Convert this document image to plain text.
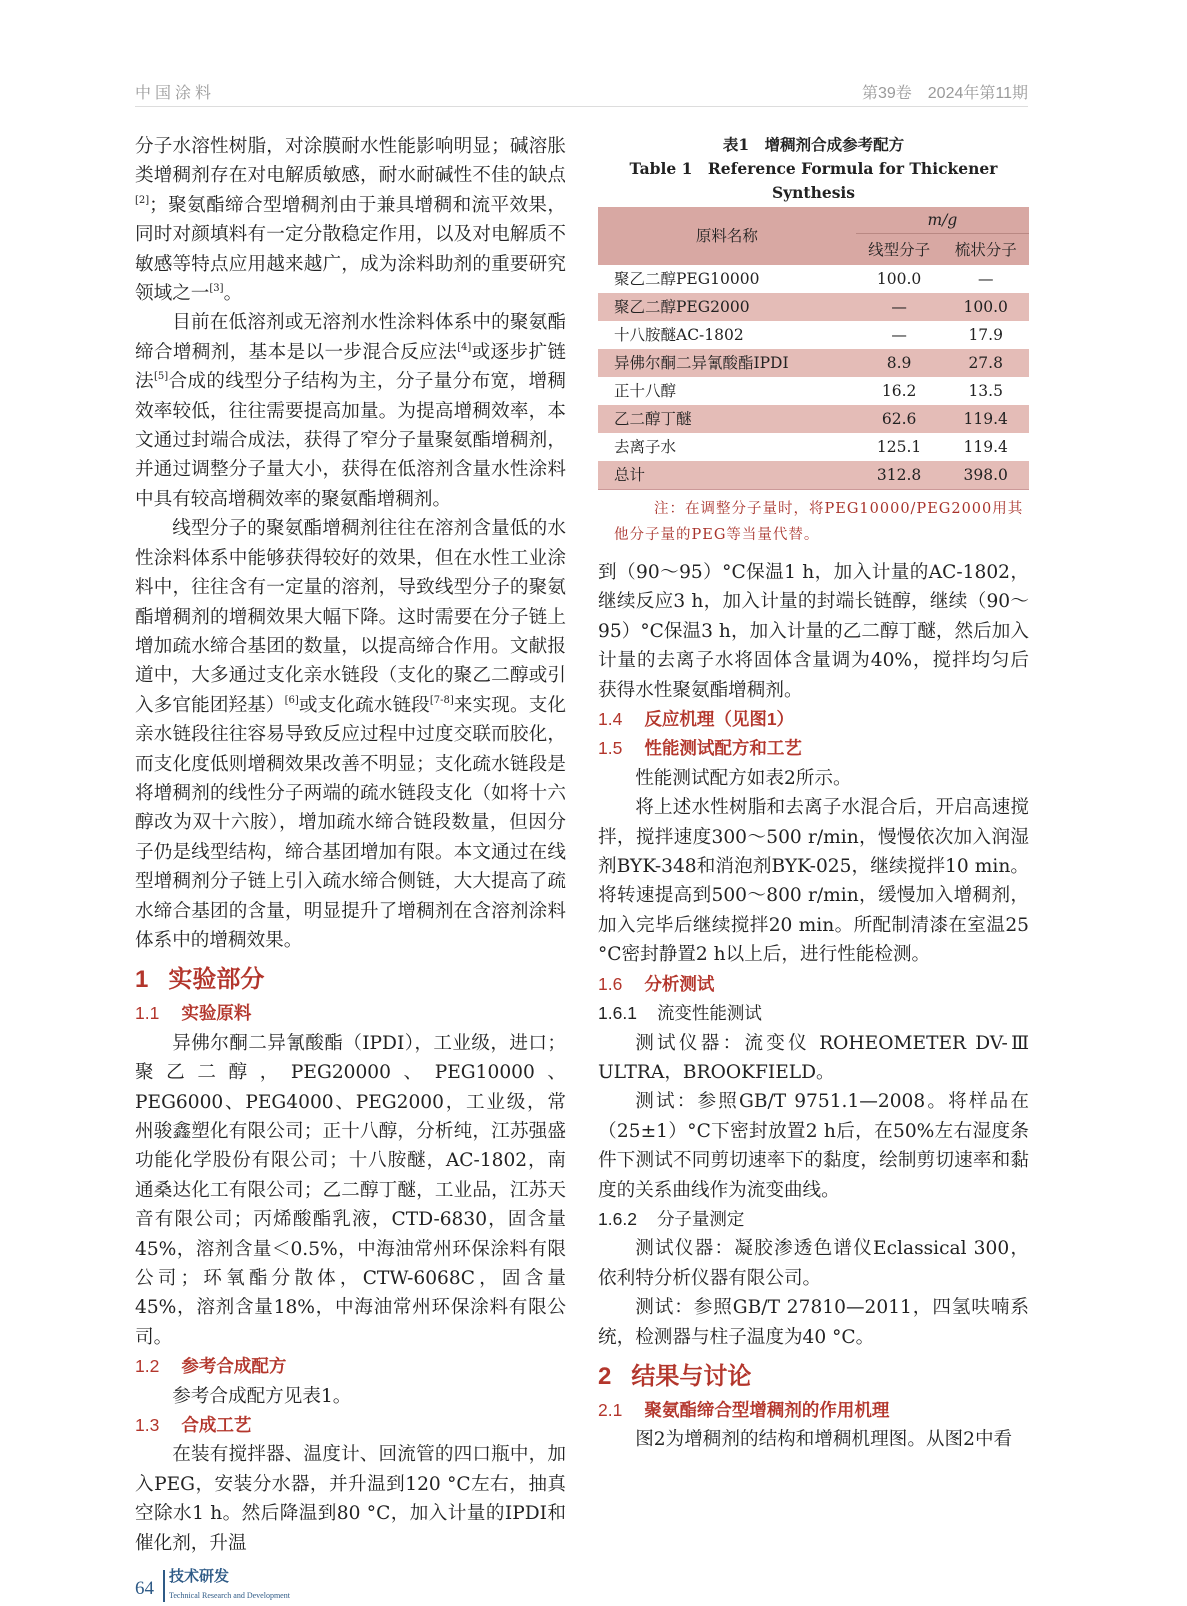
中国涂料	第39卷　2024年第11期

分子水溶性树脂，对涂膜耐水性能影响明显；碱溶胀类增稠剂存在对电解质敏感，耐水耐碱性不佳的缺点[2]；聚氨酯缔合型增稠剂由于兼具增稠和流平效果，同时对颜填料有一定分散稳定作用，以及对电解质不敏感等特点应用越来越广，成为涂料助剂的重要研究领域之一[3]。

目前在低溶剂或无溶剂水性涂料体系中的聚氨酯缔合增稠剂，基本是以一步混合反应法[4]或逐步扩链法[5]合成的线型分子结构为主，分子量分布宽，增稠效率较低，往往需要提高加量。为提高增稠效率，本文通过封端合成法，获得了窄分子量聚氨酯增稠剂，并通过调整分子量大小，获得在低溶剂含量水性涂料中具有较高增稠效率的聚氨酯增稠剂。

线型分子的聚氨酯增稠剂往往在溶剂含量低的水性涂料体系中能够获得较好的效果，但在水性工业涂料中，往往含有一定量的溶剂，导致线型分子的聚氨酯增稠剂的增稠效果大幅下降。这时需要在分子链上增加疏水缔合基团的数量，以提高缔合作用。文献报道中，大多通过支化亲水链段（支化的聚乙二醇或引入多官能团羟基）[6]或支化疏水链段[7-8]来实现。支化亲水链段往往容易导致反应过程中过度交联而胶化，而支化度低则增稠效果改善不明显；支化疏水链段是将增稠剂的线性分子两端的疏水链段支化（如将十六醇改为双十六胺），增加疏水缔合链段数量，但因分子仍是线型结构，缔合基团增加有限。本文通过在线型增稠剂分子链上引入疏水缔合侧链，大大提高了疏水缔合基团的含量，明显提升了增稠剂在含溶剂涂料体系中的增稠效果。

1 实验部分
1.1 实验原料

异佛尔酮二异氰酸酯（IPDI），工业级，进口；聚乙二醇，PEG20000、PEG10000、PEG6000、PEG4000、PEG2000，工业级，常州骏鑫塑化有限公司；正十八醇，分析纯，江苏强盛功能化学股份有限公司；十八胺醚，AC-1802，南通桑达化工有限公司；乙二醇丁醚，工业品，江苏天音有限公司；丙烯酸酯乳液，CTD-6830，固含量45%，溶剂含量＜0.5%，中海油常州环保涂料有限公司；环氧酯分散体，CTW-6068C，固含量45%，溶剂含量18%，中海油常州环保涂料有限公司。

1.2 参考合成配方

参考合成配方见表1。

1.3 合成工艺

在装有搅拌器、温度计、回流管的四口瓶中，加入PEG，安装分水器，并升温到120 °C左右，抽真空除水1 h。然后降温到80 °C，加入计量的IPDI和催化剂，升温

表1　增稠剂合成参考配方
Table 1　Reference Formula for Thickener Synthesis
原料名称	m/g	
	线型分子	梳状分子
聚乙二醇PEG10000	100.0	—
聚乙二醇PEG2000	—	100.0
十八胺醚AC-1802	—	17.9
异佛尔酮二异氰酸酯IPDI	8.9	27.8
正十八醇	16.2	13.5
乙二醇丁醚	62.6	119.4
去离子水	125.1	119.4
总计	312.8	398.0
注：在调整分子量时，将PEG10000/PEG2000用其他分子量的PEG等当量代替。

到（90～95）°C保温1 h，加入计量的AC-1802，继续反应3 h，加入计量的封端长链醇，继续（90～95）°C保温3 h，加入计量的乙二醇丁醚，然后加入计量的去离子水将固体含量调为40%，搅拌均匀后获得水性聚氨酯增稠剂。

1.4 反应机理（见图1）
1.5 性能测试配方和工艺

性能测试配方如表2所示。

将上述水性树脂和去离子水混合后，开启高速搅拌，搅拌速度300～500 r/min，慢慢依次加入润湿剂BYK-348和消泡剂BYK-025，继续搅拌10 min。将转速提高到500～800 r/min，缓慢加入增稠剂，加入完毕后继续搅拌20 min。所配制清漆在室温25 °C密封静置2 h以上后，进行性能检测。

1.6 分析测试
1.6.1 流变性能测试

测试仪器：流变仪 ROHEOMETER DV-Ⅲ ULTRA，BROOKFIELD。

测试：参照GB/T 9751.1—2008。将样品在（25±1）°C下密封放置2 h后，在50%左右湿度条件下测试不同剪切速率下的黏度，绘制剪切速率和黏度的关系曲线作为流变曲线。

1.6.2 分子量测定

测试仪器：凝胶渗透色谱仪Eclassical 300，依利特分析仪器有限公司。

测试：参照GB/T 27810—2011，四氢呋喃系统，检测器与柱子温度为40 °C。

2 结果与讨论
2.1 聚氨酯缔合型增稠剂的作用机理

图2为增稠剂的结构和增稠机理图。从图2中看

64
技术研发
Technical Research and Development
